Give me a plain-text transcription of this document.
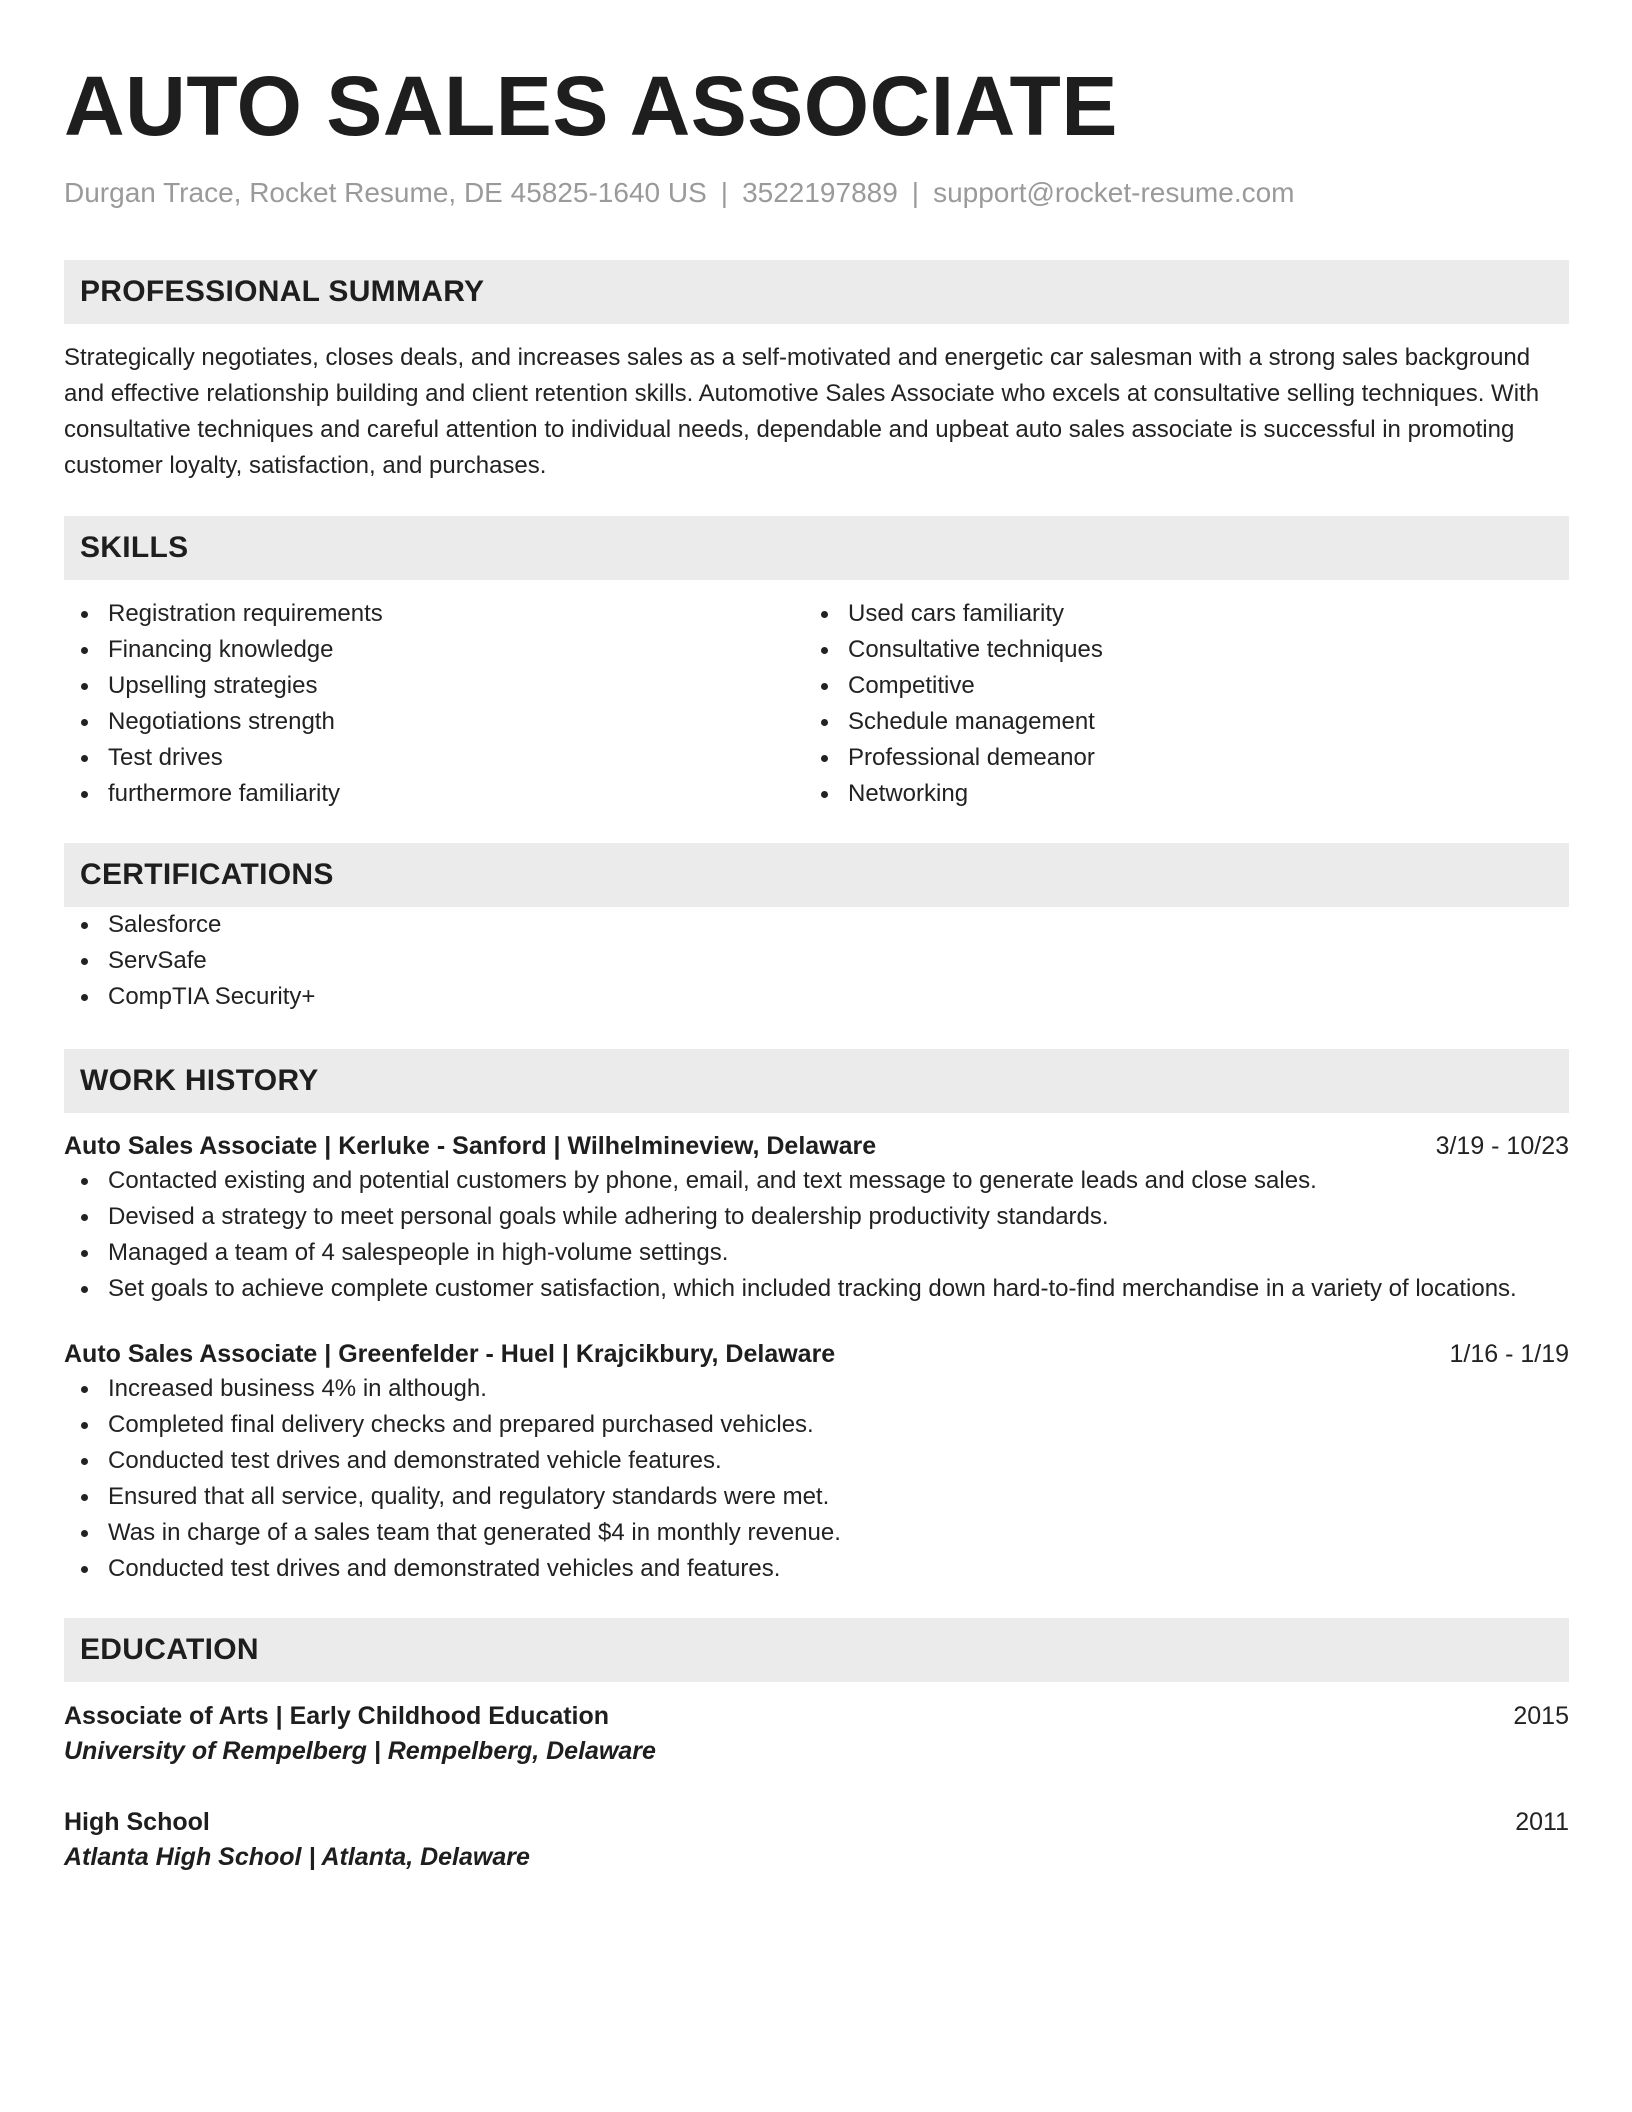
AUTO SALES ASSOCIATE
Durgan Trace, Rocket Resume, DE 45825-1640 US | 3522197889 | support@rocket-resume.com
PROFESSIONAL SUMMARY
Strategically negotiates, closes deals, and increases sales as a self-motivated and energetic car salesman with a strong sales background and effective relationship building and client retention skills. Automotive Sales Associate who excels at consultative selling techniques. With consultative techniques and careful attention to individual needs, dependable and upbeat auto sales associate is successful in promoting customer loyalty, satisfaction, and purchases.
SKILLS
Registration requirements
Financing knowledge
Upselling strategies
Negotiations strength
Test drives
furthermore familiarity
Used cars familiarity
Consultative techniques
Competitive
Schedule management
Professional demeanor
Networking
CERTIFICATIONS
Salesforce
ServSafe
CompTIA Security+
WORK HISTORY
Auto Sales Associate | Kerluke - Sanford | Wilhelmineview, Delaware	3/19 - 10/23
Contacted existing and potential customers by phone, email, and text message to generate leads and close sales.
Devised a strategy to meet personal goals while adhering to dealership productivity standards.
Managed a team of 4 salespeople in high-volume settings.
Set goals to achieve complete customer satisfaction, which included tracking down hard-to-find merchandise in a variety of locations.
Auto Sales Associate | Greenfelder - Huel | Krajcikbury, Delaware	1/16 - 1/19
Increased business 4% in although.
Completed final delivery checks and prepared purchased vehicles.
Conducted test drives and demonstrated vehicle features.
Ensured that all service, quality, and regulatory standards were met.
Was in charge of a sales team that generated $4 in monthly revenue.
Conducted test drives and demonstrated vehicles and features.
EDUCATION
Associate of Arts | Early Childhood Education	2015
University of Rempelberg | Rempelberg, Delaware
High School	2011
Atlanta High School | Atlanta, Delaware
